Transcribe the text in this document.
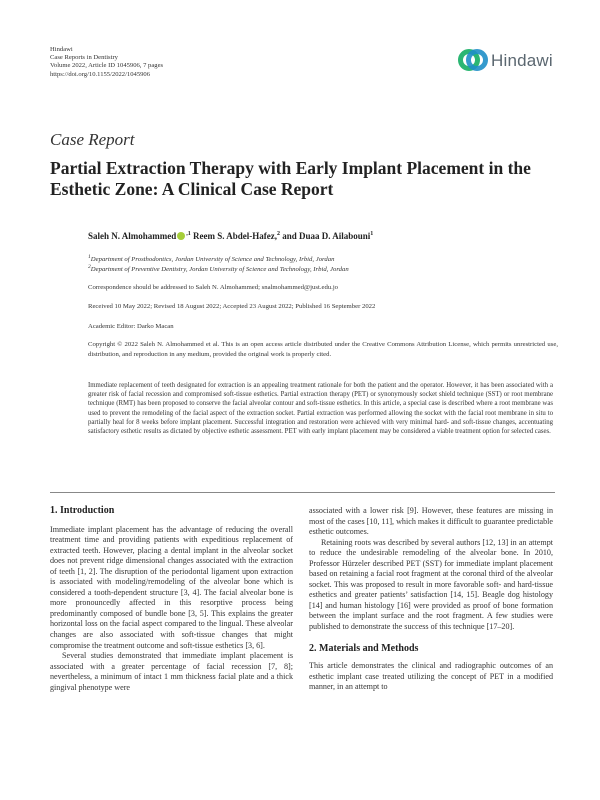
Hindawi
Case Reports in Dentistry
Volume 2022, Article ID 1045906, 7 pages
https://doi.org/10.1155/2022/1045906
Hindawi
Case Report
Partial Extraction Therapy with Early Implant Placement in the Esthetic Zone: A Clinical Case Report
Saleh N. Almohammed $^{,1}$ Reem S. Abdel-Hafez,$^2$ and Duaa D. Ailabouni$^1$
$^1$Department of Prosthodontics, Jordan University of Science and Technology, Irbid, Jordan
$^2$Department of Preventive Dentistry, Jordan University of Science and Technology, Irbid, Jordan
Correspondence should be addressed to Saleh N. Almohammed; snalmohammed@just.edu.jo
Received 10 May 2022; Revised 18 August 2022; Accepted 23 August 2022; Published 16 September 2022
Academic Editor: Darko Macan
Copyright © 2022 Saleh N. Almohammed et al. This is an open access article distributed under the Creative Commons Attribution License, which permits unrestricted use, distribution, and reproduction in any medium, provided the original work is properly cited.
Immediate replacement of teeth designated for extraction is an appealing treatment rationale for both the patient and the operator. However, it has been associated with a greater risk of facial recession and compromised soft-tissue esthetics. Partial extraction therapy (PET) or synonymously socket shield technique (SST) or root membrane technique (RMT) has been proposed to conserve the facial alveolar contour and soft-tissue esthetics. In this article, a special case is described where a root membrane was used to prevent the remodeling of the facial aspect of the extraction socket. Partial extraction was performed allowing the socket with the facial root membrane in situ to partially heal for 8 weeks before implant placement. Successful integration and restoration were achieved with very minimal hard- and soft-tissue changes, accentuating satisfactory esthetic results as dictated by objective esthetic assessment. PET with early implant placement may be considered a viable treatment option for selected cases.
1. Introduction

Immediate implant placement has the advantage of reducing the overall treatment time and providing patients with expeditious replacement of extracted teeth. However, placing a dental implant in the alveolar socket does not prevent ridge dimensional changes associated with the extraction of teeth [1, 2]. The disruption of the periodontal ligament upon extraction is associated with modeling/remodeling of the alveolar bone which is considered a tooth-dependent structure [3, 4]. The facial alveolar bone is more pronouncedly affected in this resorptive process being predominantly composed of bundle bone [3, 5]. This explains the greater horizontal loss on the facial aspect compared to the lingual. These alveolar changes are also associated with soft-tissue changes that might compromise the treatment outcome and soft-tissue esthetics [3, 6].

Several studies demonstrated that immediate implant placement is associated with a greater percentage of facial recession [7, 8]; nevertheless, a minimum of intact 1 mm thickness facial plate and a thick gingival phenotype were

associated with a lower risk [9]. However, these features are missing in most of the cases [10, 11], which makes it difficult to guarantee predictable esthetic outcomes.

Retaining roots was described by several authors [12, 13] in an attempt to reduce the undesirable remodeling of the alveolar bone. In 2010, Professor Hürzeler described PET (SST) for immediate implant placement based on retaining a facial root fragment at the coronal third of the alveolar socket. This was proposed to result in more favorable soft- and hard-tissue esthetics and greater patients’ satisfaction [14, 15]. Beagle dog histology [14] and human histology [16] were provided as proof of bone formation between the implant surface and the root fragment. A few studies were published to demonstrate the success of this technique [17–20].

2. Materials and Methods

This article demonstrates the clinical and radiographic outcomes of an esthetic implant case treated utilizing the concept of PET in a modified manner, in an attempt to
